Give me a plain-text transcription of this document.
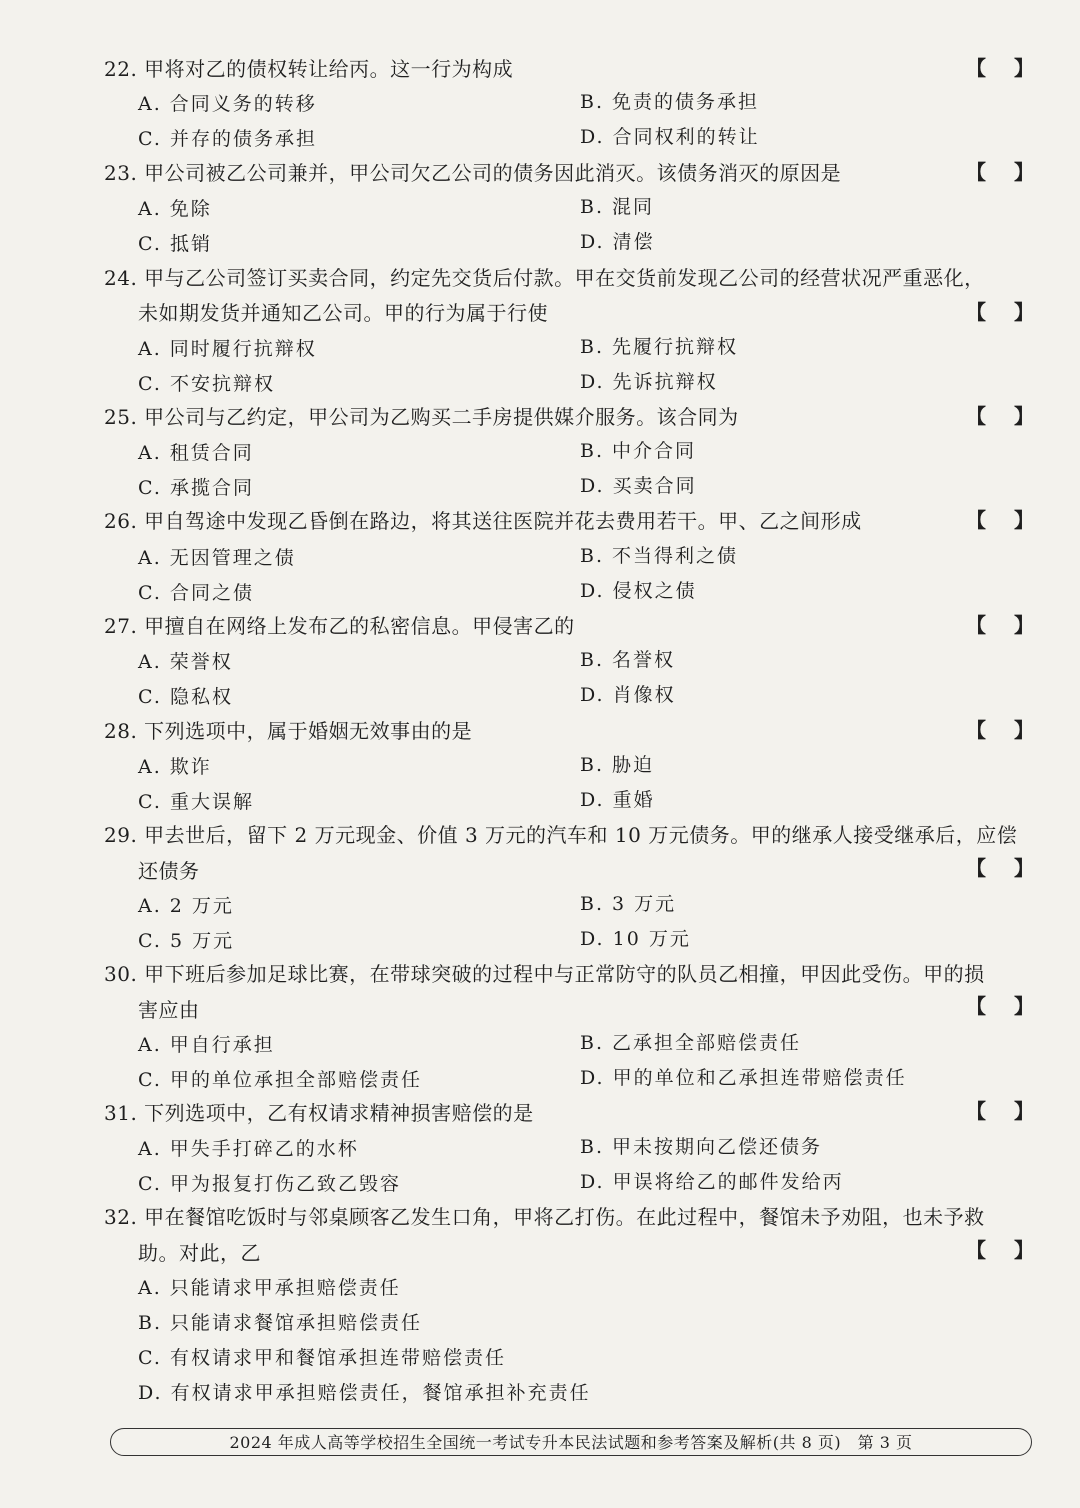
22. 甲将对乙的债权转让给丙。这一行为构成	【 】
A. 合同义务的转移	B. 免责的债务承担
C. 并存的债务承担	D. 合同权利的转让
23. 甲公司被乙公司兼并，甲公司欠乙公司的债务因此消灭。该债务消灭的原因是	【 】
A. 免除	B. 混同
C. 抵销	D. 清偿
24. 甲与乙公司签订买卖合同，约定先交货后付款。甲在交货前发现乙公司的经营状况严重恶化，
未如期发货并通知乙公司。甲的行为属于行使	【 】
A. 同时履行抗辩权	B. 先履行抗辩权
C. 不安抗辩权	D. 先诉抗辩权
25. 甲公司与乙约定，甲公司为乙购买二手房提供媒介服务。该合同为	【 】
A. 租赁合同	B. 中介合同
C. 承揽合同	D. 买卖合同
26. 甲自驾途中发现乙昏倒在路边，将其送往医院并花去费用若干。甲、乙之间形成	【 】
A. 无因管理之债	B. 不当得利之债
C. 合同之债	D. 侵权之债
27. 甲擅自在网络上发布乙的私密信息。甲侵害乙的	【 】
A. 荣誉权	B. 名誉权
C. 隐私权	D. 肖像权
28. 下列选项中，属于婚姻无效事由的是	【 】
A. 欺诈	B. 胁迫
C. 重大误解	D. 重婚
29. 甲去世后，留下 2 万元现金、价值 3 万元的汽车和 10 万元债务。甲的继承人接受继承后，应偿
还债务	【 】
A. 2 万元	B. 3 万元
C. 5 万元	D. 10 万元
30. 甲下班后参加足球比赛，在带球突破的过程中与正常防守的队员乙相撞，甲因此受伤。甲的损
害应由	【 】
A. 甲自行承担	B. 乙承担全部赔偿责任
C. 甲的单位承担全部赔偿责任	D. 甲的单位和乙承担连带赔偿责任
31. 下列选项中，乙有权请求精神损害赔偿的是	【 】
A. 甲失手打碎乙的水杯	B. 甲未按期向乙偿还债务
C. 甲为报复打伤乙致乙毁容	D. 甲误将给乙的邮件发给丙
32. 甲在餐馆吃饭时与邻桌顾客乙发生口角，甲将乙打伤。在此过程中，餐馆未予劝阻，也未予救
助。对此，乙	【 】
A. 只能请求甲承担赔偿责任
B. 只能请求餐馆承担赔偿责任
C. 有权请求甲和餐馆承担连带赔偿责任
D. 有权请求甲承担赔偿责任，餐馆承担补充责任
2024 年成人高等学校招生全国统一考试专升本民法试题和参考答案及解析(共 8 页)　第 3 页
